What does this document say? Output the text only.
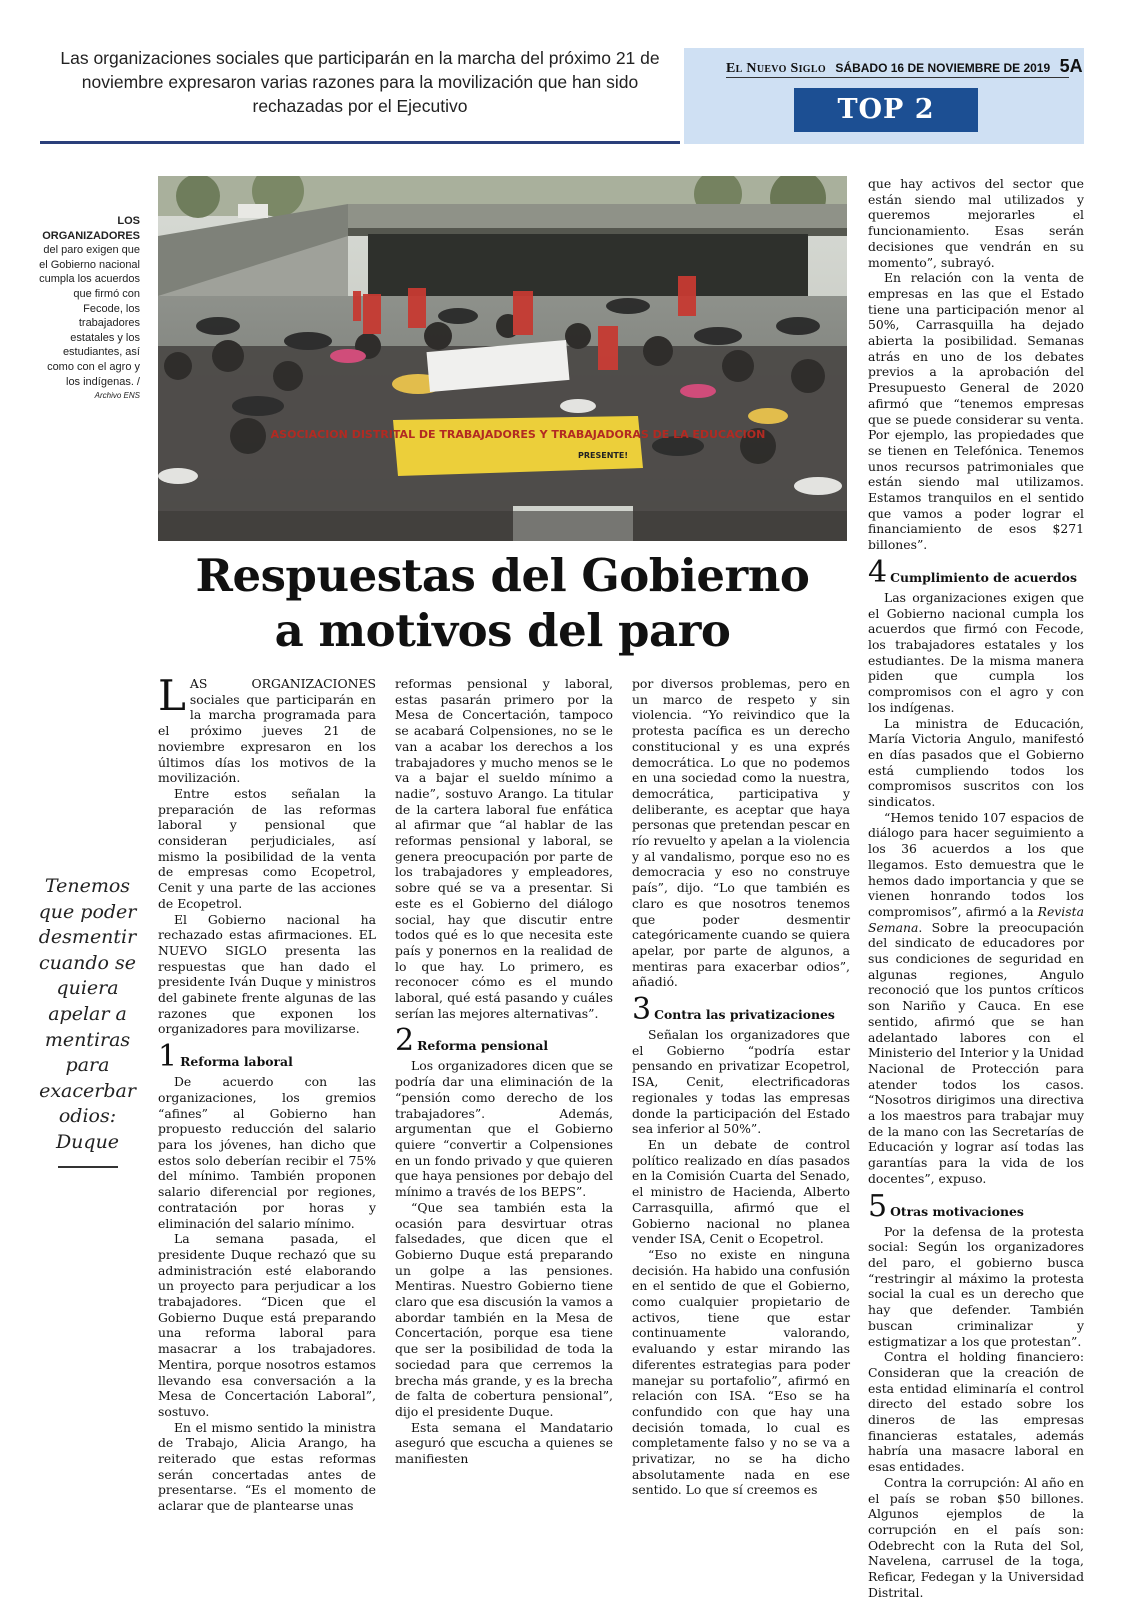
Las organizaciones sociales que participarán en la marcha del próximo 21 de noviembre expresaron varias razones para la movilización que han sido rechazadas por el Ejecutivo
El Nuevo Siglo SÁBADO 16 DE NOVIEMBRE DE 2019 5A
TOP 2
ASOCIACION DISTRITAL DE TRABAJADORES Y TRABAJADORAS DE LA EDUCACION
PRESENTE!
LOS ORGANIZADORES del paro exigen que el Gobierno nacional cumpla los acuerdos que firmó con Fecode, los trabajadores estatales y los estudiantes, así como con el agro y los indígenas. /
Archivo ENS
Respuestas del Gobierno
a motivos del paro
Tenemos que poder desmentir cuando se quiera apelar a mentiras para exacerbar odios: Duque

LAS ORGANIZACIONES sociales que participarán en la marcha programada para el próximo jueves 21 de noviembre expresaron en los últimos días los motivos de la movilización.

Entre estos señalan la preparación de las reformas laboral y pensional que consideran perjudiciales, así mismo la posibilidad de la venta de empresas como Ecopetrol, Cenit y una parte de las acciones de Ecopetrol.

El Gobierno nacional ha rechazado estas afirmaciones. EL NUEVO SIGLO presenta las respuestas que han dado el presidente Iván Duque y ministros del gabinete frente algunas de las razones que exponen los organizadores para movilizarse.

1 Reforma laboral

De acuerdo con las organizaciones, los gremios “afines” al Gobierno han propuesto reducción del salario para los jóvenes, han dicho que estos solo deberían recibir el 75% del mínimo. También proponen salario diferencial por regiones, contratación por horas y eliminación del salario mínimo.

La semana pasada, el presidente Duque rechazó que su administración esté elaborando un proyecto para perjudicar a los trabajadores. “Dicen que el Gobierno Duque está preparando una reforma laboral para masacrar a los trabajadores. Mentira, porque nosotros estamos llevando esa conversación a la Mesa de Concertación Laboral”, sostuvo.

En el mismo sentido la ministra de Trabajo, Alicia Arango, ha reiterado que estas reformas serán concertadas antes de presentarse. “Es el momento de aclarar que de plantearse unas

reformas pensional y laboral, estas pasarán primero por la Mesa de Concertación, tampoco se acabará Colpensiones, no se le van a acabar los derechos a los trabajadores y mucho menos se le va a bajar el sueldo mínimo a nadie”, sostuvo Arango. La titular de la cartera laboral fue enfática al afirmar que “al hablar de las reformas pensional y laboral, se genera preocupación por parte de los trabajadores y empleadores, sobre qué se va a presentar. Si este es el Gobierno del diálogo social, hay que discutir entre todos qué es lo que necesita este país y ponernos en la realidad de lo que hay. Lo primero, es reconocer cómo es el mundo laboral, qué está pasando y cuáles serían las mejores alternativas”.

2 Reforma pensional

Los organizadores dicen que se podría dar una eliminación de la “pensión como derecho de los trabajadores”. Además, argumentan que el Gobierno quiere “convertir a Colpensiones en un fondo privado y que quieren que haya pensiones por debajo del mínimo a través de los BEPS”.

“Que sea también esta la ocasión para desvirtuar otras falsedades, que dicen que el Gobierno Duque está preparando un golpe a las pensiones. Mentiras. Nuestro Gobierno tiene claro que esa discusión la vamos a abordar también en la Mesa de Concertación, porque esa tiene que ser la posibilidad de toda la sociedad para que cerremos la brecha más grande, y es la brecha de falta de cobertura pensional”, dijo el presidente Duque.

Esta semana el Mandatario aseguró que escucha a quienes se manifiesten

por diversos problemas, pero en un marco de respeto y sin violencia. “Yo reivindico que la protesta pacífica es un derecho constitucional y es una exprés democrática. Lo que no podemos en una sociedad como la nuestra, democrática, participativa y deliberante, es aceptar que haya personas que pretendan pescar en río revuelto y apelan a la violencia y al vandalismo, porque eso no es democracia y eso no construye país”, dijo. “Lo que también es claro es que nosotros tenemos que poder desmentir categóricamente cuando se quiera apelar, por parte de algunos, a mentiras para exacerbar odios”, añadió.

3 Contra las privatizaciones

Señalan los organizadores que el Gobierno “podría estar pensando en privatizar Ecopetrol, ISA, Cenit, electrificadoras regionales y todas las empresas donde la participación del Estado sea inferior al 50%”.

En un debate de control político realizado en días pasados en la Comisión Cuarta del Senado, el ministro de Hacienda, Alberto Carrasquilla, afirmó que el Gobierno nacional no planea vender ISA, Cenit o Ecopetrol.

“Eso no existe en ninguna decisión. Ha habido una confusión en el sentido de que el Gobierno, como cualquier propietario de activos, tiene que estar continuamente valorando, evaluando y estar mirando las diferentes estrategias para poder manejar su portafolio”, afirmó en relación con ISA. “Eso se ha confundido con que hay una decisión tomada, lo cual es completamente falso y no se va a privatizar, no se ha dicho absolutamente nada en ese sentido. Lo que sí creemos es

que hay activos del sector que están siendo mal utilizados y queremos mejorarles el funcionamiento. Esas serán decisiones que vendrán en su momento”, subrayó.

En relación con la venta de empresas en las que el Estado tiene una participación menor al 50%, Carrasquilla ha dejado abierta la posibilidad. Semanas atrás en uno de los debates previos a la aprobación del Presupuesto General de 2020 afirmó que “tenemos empresas que se puede considerar su venta. Por ejemplo, las propiedades que se tienen en Telefónica. Tenemos unos recursos patrimoniales que están siendo mal utilizamos. Estamos tranquilos en el sentido que vamos a poder lograr el financiamiento de esos $271 billones”.

4 Cumplimiento de acuerdos

Las organizaciones exigen que el Gobierno nacional cumpla los acuerdos que firmó con Fecode, los trabajadores estatales y los estudiantes. De la misma manera piden que cumpla los compromisos con el agro y con los indígenas.

La ministra de Educación, María Victoria Angulo, manifestó en días pasados que el Gobierno está cumpliendo todos los compromisos suscritos con los sindicatos.

“Hemos tenido 107 espacios de diálogo para hacer seguimiento a los 36 acuerdos a los que llegamos. Esto demuestra que le hemos dado importancia y que se vienen honrando todos los compromisos”, afirmó a la Revista Semana. Sobre la preocupación del sindicato de educadores por sus condiciones de seguridad en algunas regiones, Angulo reconoció que los puntos críticos son Nariño y Cauca. En ese sentido, afirmó que se han adelantado labores con el Ministerio del Interior y la Unidad Nacional de Protección para atender todos los casos. “Nosotros dirigimos una directiva a los maestros para trabajar muy de la mano con las Secretarías de Educación y lograr así todas las garantías para la vida de los docentes”, expuso.

5 Otras motivaciones

Por la defensa de la protesta social: Según los organizadores del paro, el gobierno busca “restringir al máximo la protesta social la cual es un derecho que hay que defender. También buscan criminalizar y estigmatizar a los que protestan”.

Contra el holding financiero: Consideran que la creación de esta entidad eliminaría el control directo del estado sobre los dineros de las empresas financieras estatales, además habría una masacre laboral en esas entidades.

Contra la corrupción: Al año en el país se roban $50 billones. Algunos ejemplos de la corrupción en el país son: Odebrecht con la Ruta del Sol, Navelena, carrusel de la toga, Reficar, Fedegan y la Universidad Distrital.
